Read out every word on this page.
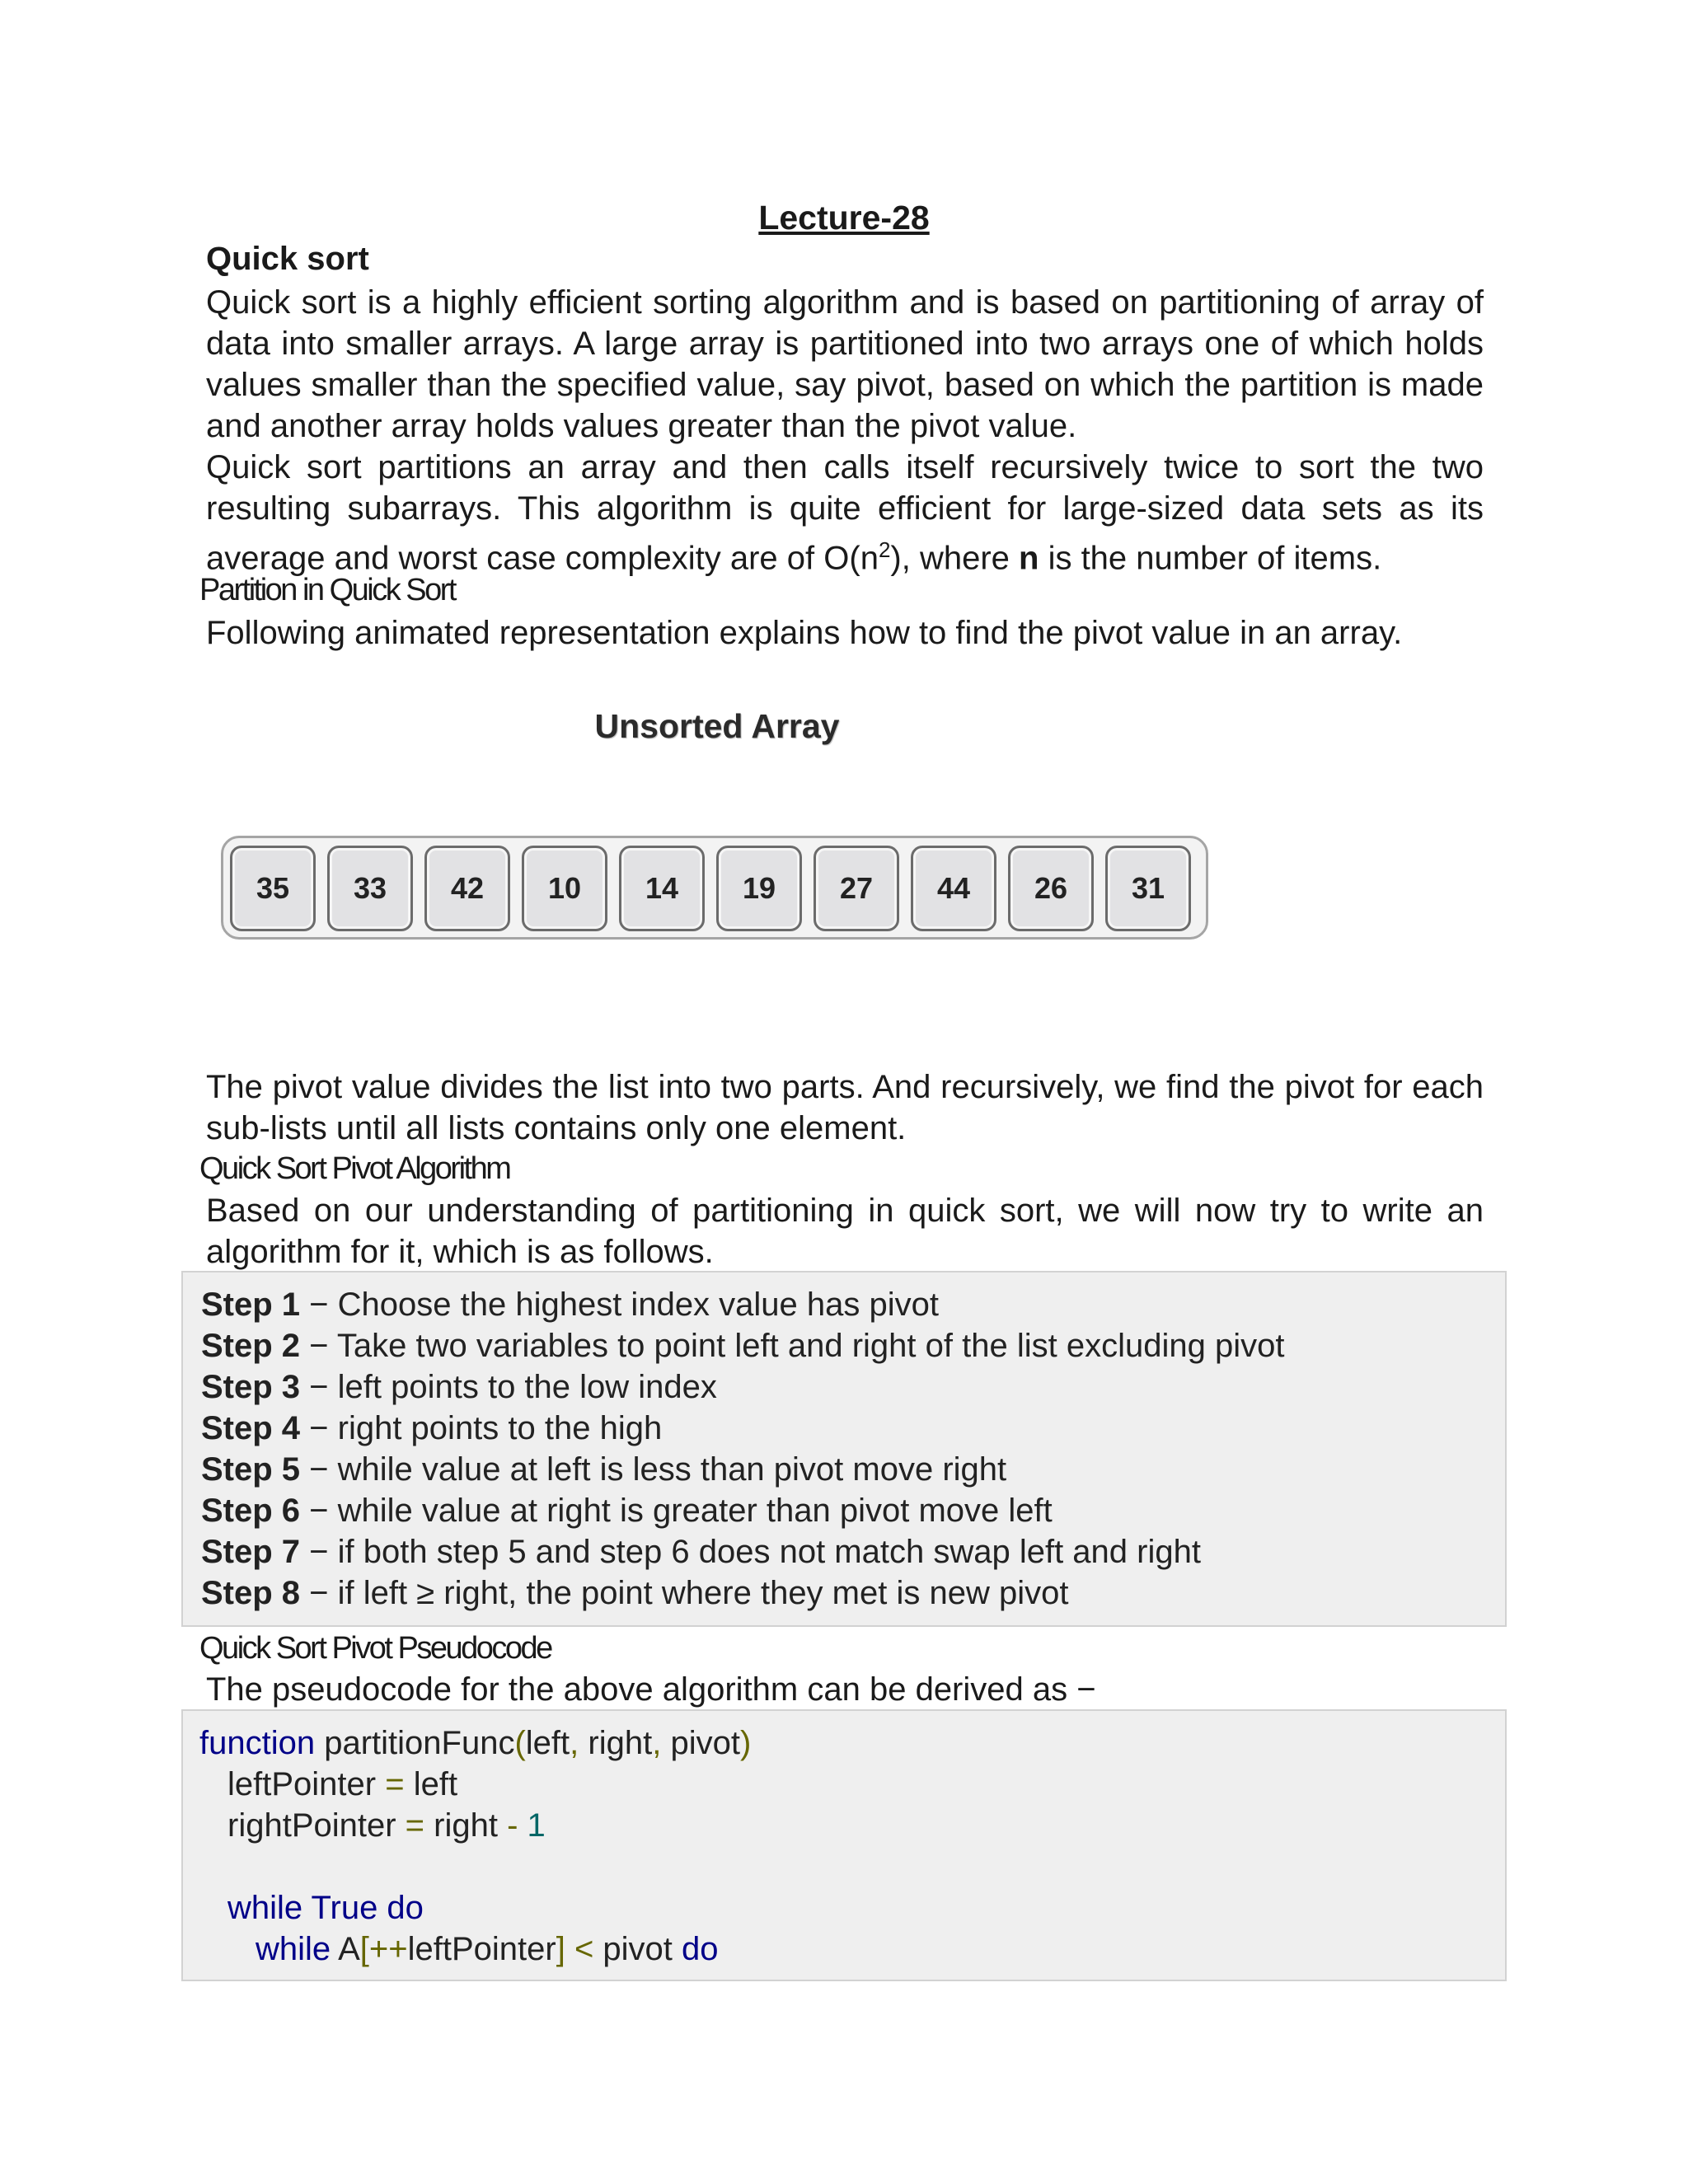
Lecture-28
Quick sort

Quick sort is a highly efficient sorting algorithm and is based on partitioning of array of data into smaller arrays. A large array is partitioned into two arrays one of which holds values smaller than the specified value, say pivot, based on which the partition is made and another array holds values greater than the pivot value.

Quick sort partitions an array and then calls itself recursively twice to sort the two resulting subarrays. This algorithm is quite efficient for large-sized data sets as its average and worst case complexity are of $O(n^2)$, where n is the number of items.

Partition in Quick Sort

Following animated representation explains how to find the pivot value in an array.

Unsorted Array
35	33	42	10	14	19	27	44	26	31

The pivot value divides the list into two parts. And recursively, we find the pivot for each sub-lists until all lists contains only one element.

Quick Sort Pivot Algorithm

Based on our understanding of partitioning in quick sort, we will now try to write an algorithm for it, which is as follows.

Step 1 − Choose the highest index value has pivot
Step 2 − Take two variables to point left and right of the list excluding pivot
Step 3 − left points to the low index
Step 4 − right points to the high
Step 5 − while value at left is less than pivot move right
Step 6 − while value at right is greater than pivot move left
Step 7 − if both step 5 and step 6 does not match swap left and right
Step 8 − if left ≥ right, the point where they met is new pivot
Quick Sort Pivot Pseudocode

The pseudocode for the above algorithm can be derived as −

function partitionFunc(left, right, pivot)
leftPointer = left
rightPointer = right - 1
while True do
while A[++leftPointer] < pivot do
